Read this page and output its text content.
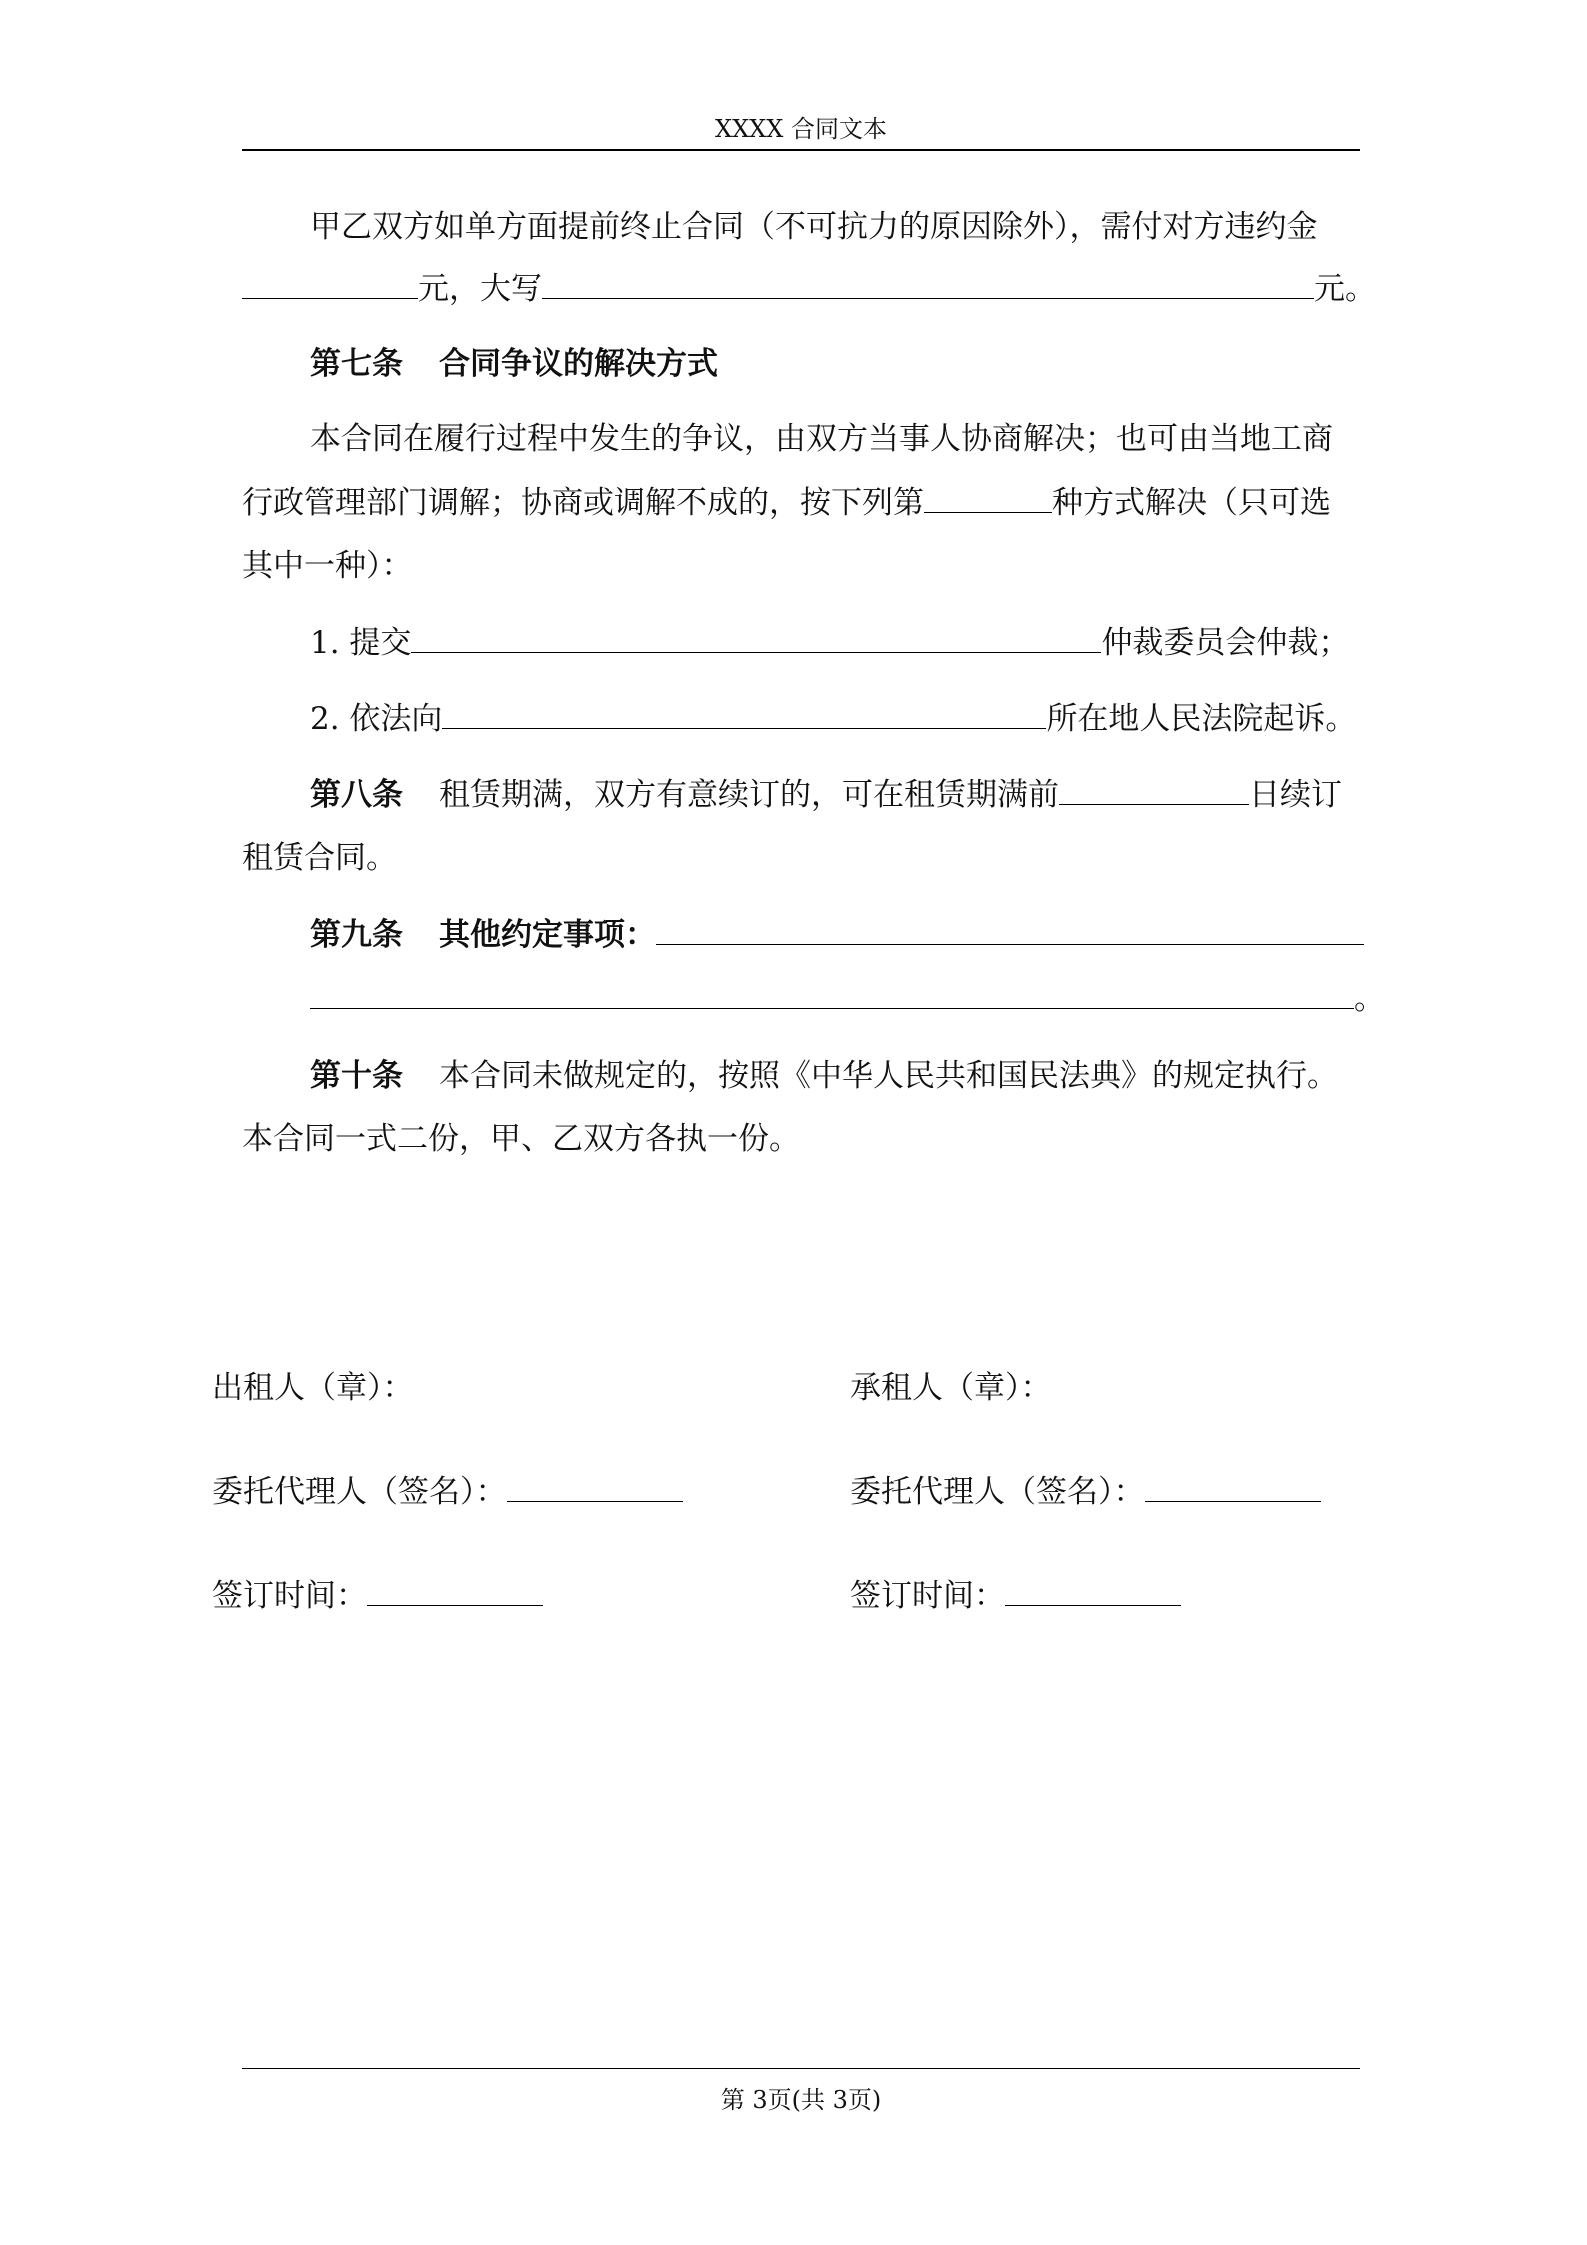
XXXX 合同文本
甲乙双方如单方面提前终止合同（不可抗力的原因除外），需付对方违约金
元，大写	元。
第七条 合同争议的解决方式
本合同在履行过程中发生的争议，由双方当事人协商解决；也可由当地工商
行政管理部门调解；协商或调解不成的，按下列第	种方式解决（只可选
其中一种）：
1. 提交	仲裁委员会仲裁；
2. 依法向	所在地人民法院起诉。
第八条 租赁期满，双方有意续订的，可在租赁期满前	日续订
租赁合同。
第九条 其他约定事项：
。
第十条 本合同未做规定的，按照《中华人民共和国民法典》的规定执行。
本合同一式二份，甲、乙双方各执一份。
出租人（章）：	承租人（章）：
委托代理人（签名）：	委托代理人（签名）：
签订时间：	签订时间：
第 3页(共 3页)
